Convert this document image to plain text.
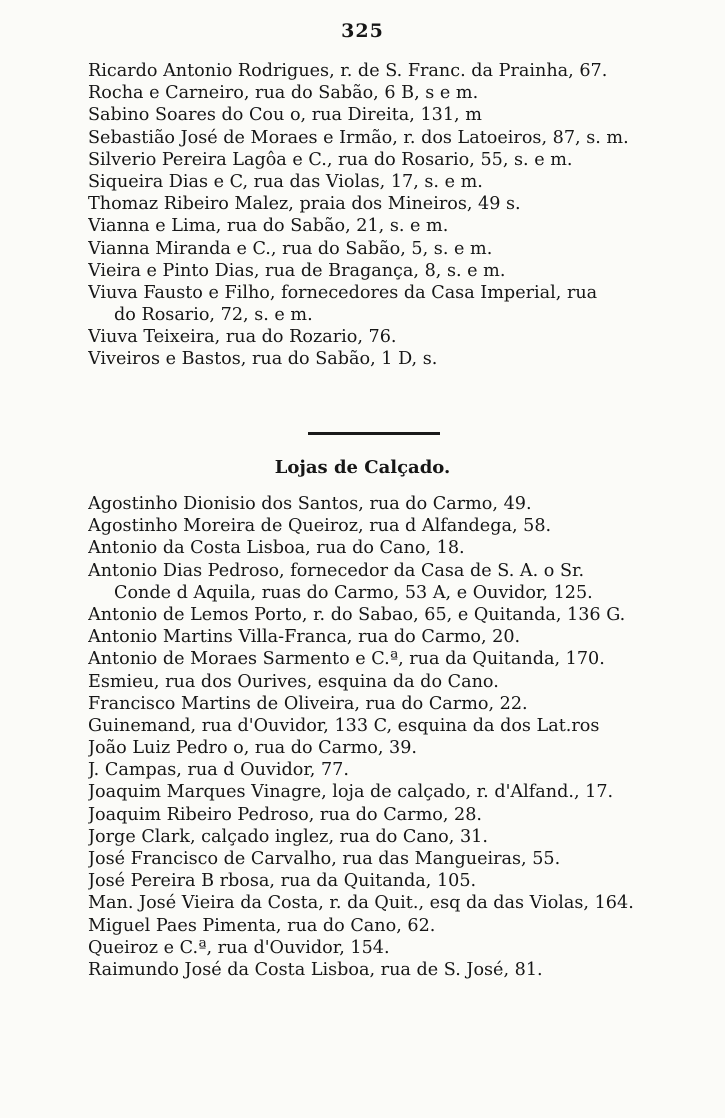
325
Ricardo Antonio Rodrigues, r. de S. Franc. da Prainha, 67.
Rocha e Carneiro, rua do Sabão, 6 B, s e m.
Sabino Soares do Cou o, rua Direita, 131, m
Sebastião José de Moraes e Irmão, r. dos Latoeiros, 87, s. m.
Silverio Pereira Lagôa e C., rua do Rosario, 55, s. e m.
Siqueira Dias e C, rua das Violas, 17, s. e m.
Thomaz Ribeiro Malez, praia dos Mineiros, 49 s.
Vianna e Lima, rua do Sabão, 21, s. e m.
Vianna Miranda e C., rua do Sabão, 5, s. e m.
Vieira e Pinto Dias, rua de Bragança, 8, s. e m.
Viuva Fausto e Filho, fornecedores da Casa Imperial, rua
do Rosario, 72, s. e m.
Viuva Teixeira, rua do Rozario, 76.
Viveiros e Bastos, rua do Sabão, 1 D, s.
Lojas de Calçado.
Agostinho Dionisio dos Santos, rua do Carmo, 49.
Agostinho Moreira de Queiroz, rua d Alfandega, 58.
Antonio da Costa Lisboa, rua do Cano, 18.
Antonio Dias Pedroso, fornecedor da Casa de S. A. o Sr.
Conde d Aquila, ruas do Carmo, 53 A, e Ouvidor, 125.
Antonio de Lemos Porto, r. do Sabao, 65, e Quitanda, 136 G.
Antonio Martins Villa-Franca, rua do Carmo, 20.
Antonio de Moraes Sarmento e C.ª, rua da Quitanda, 170.
Esmieu, rua dos Ourives, esquina da do Cano.
Francisco Martins de Oliveira, rua do Carmo, 22.
Guinemand, rua d'Ouvidor, 133 C, esquina da dos Lat.ros
João Luiz Pedro o, rua do Carmo, 39.
J. Campas, rua d Ouvidor, 77.
Joaquim Marques Vinagre, loja de calçado, r. d'Alfand., 17.
Joaquim Ribeiro Pedroso, rua do Carmo, 28.
Jorge Clark, calçado inglez, rua do Cano, 31.
José Francisco de Carvalho, rua das Mangueiras, 55.
José Pereira B rbosa, rua da Quitanda, 105.
Man. José Vieira da Costa, r. da Quit., esq da das Violas, 164.
Miguel Paes Pimenta, rua do Cano, 62.
Queiroz e C.ª, rua d'Ouvidor, 154.
Raimundo José da Costa Lisboa, rua de S. José, 81.
